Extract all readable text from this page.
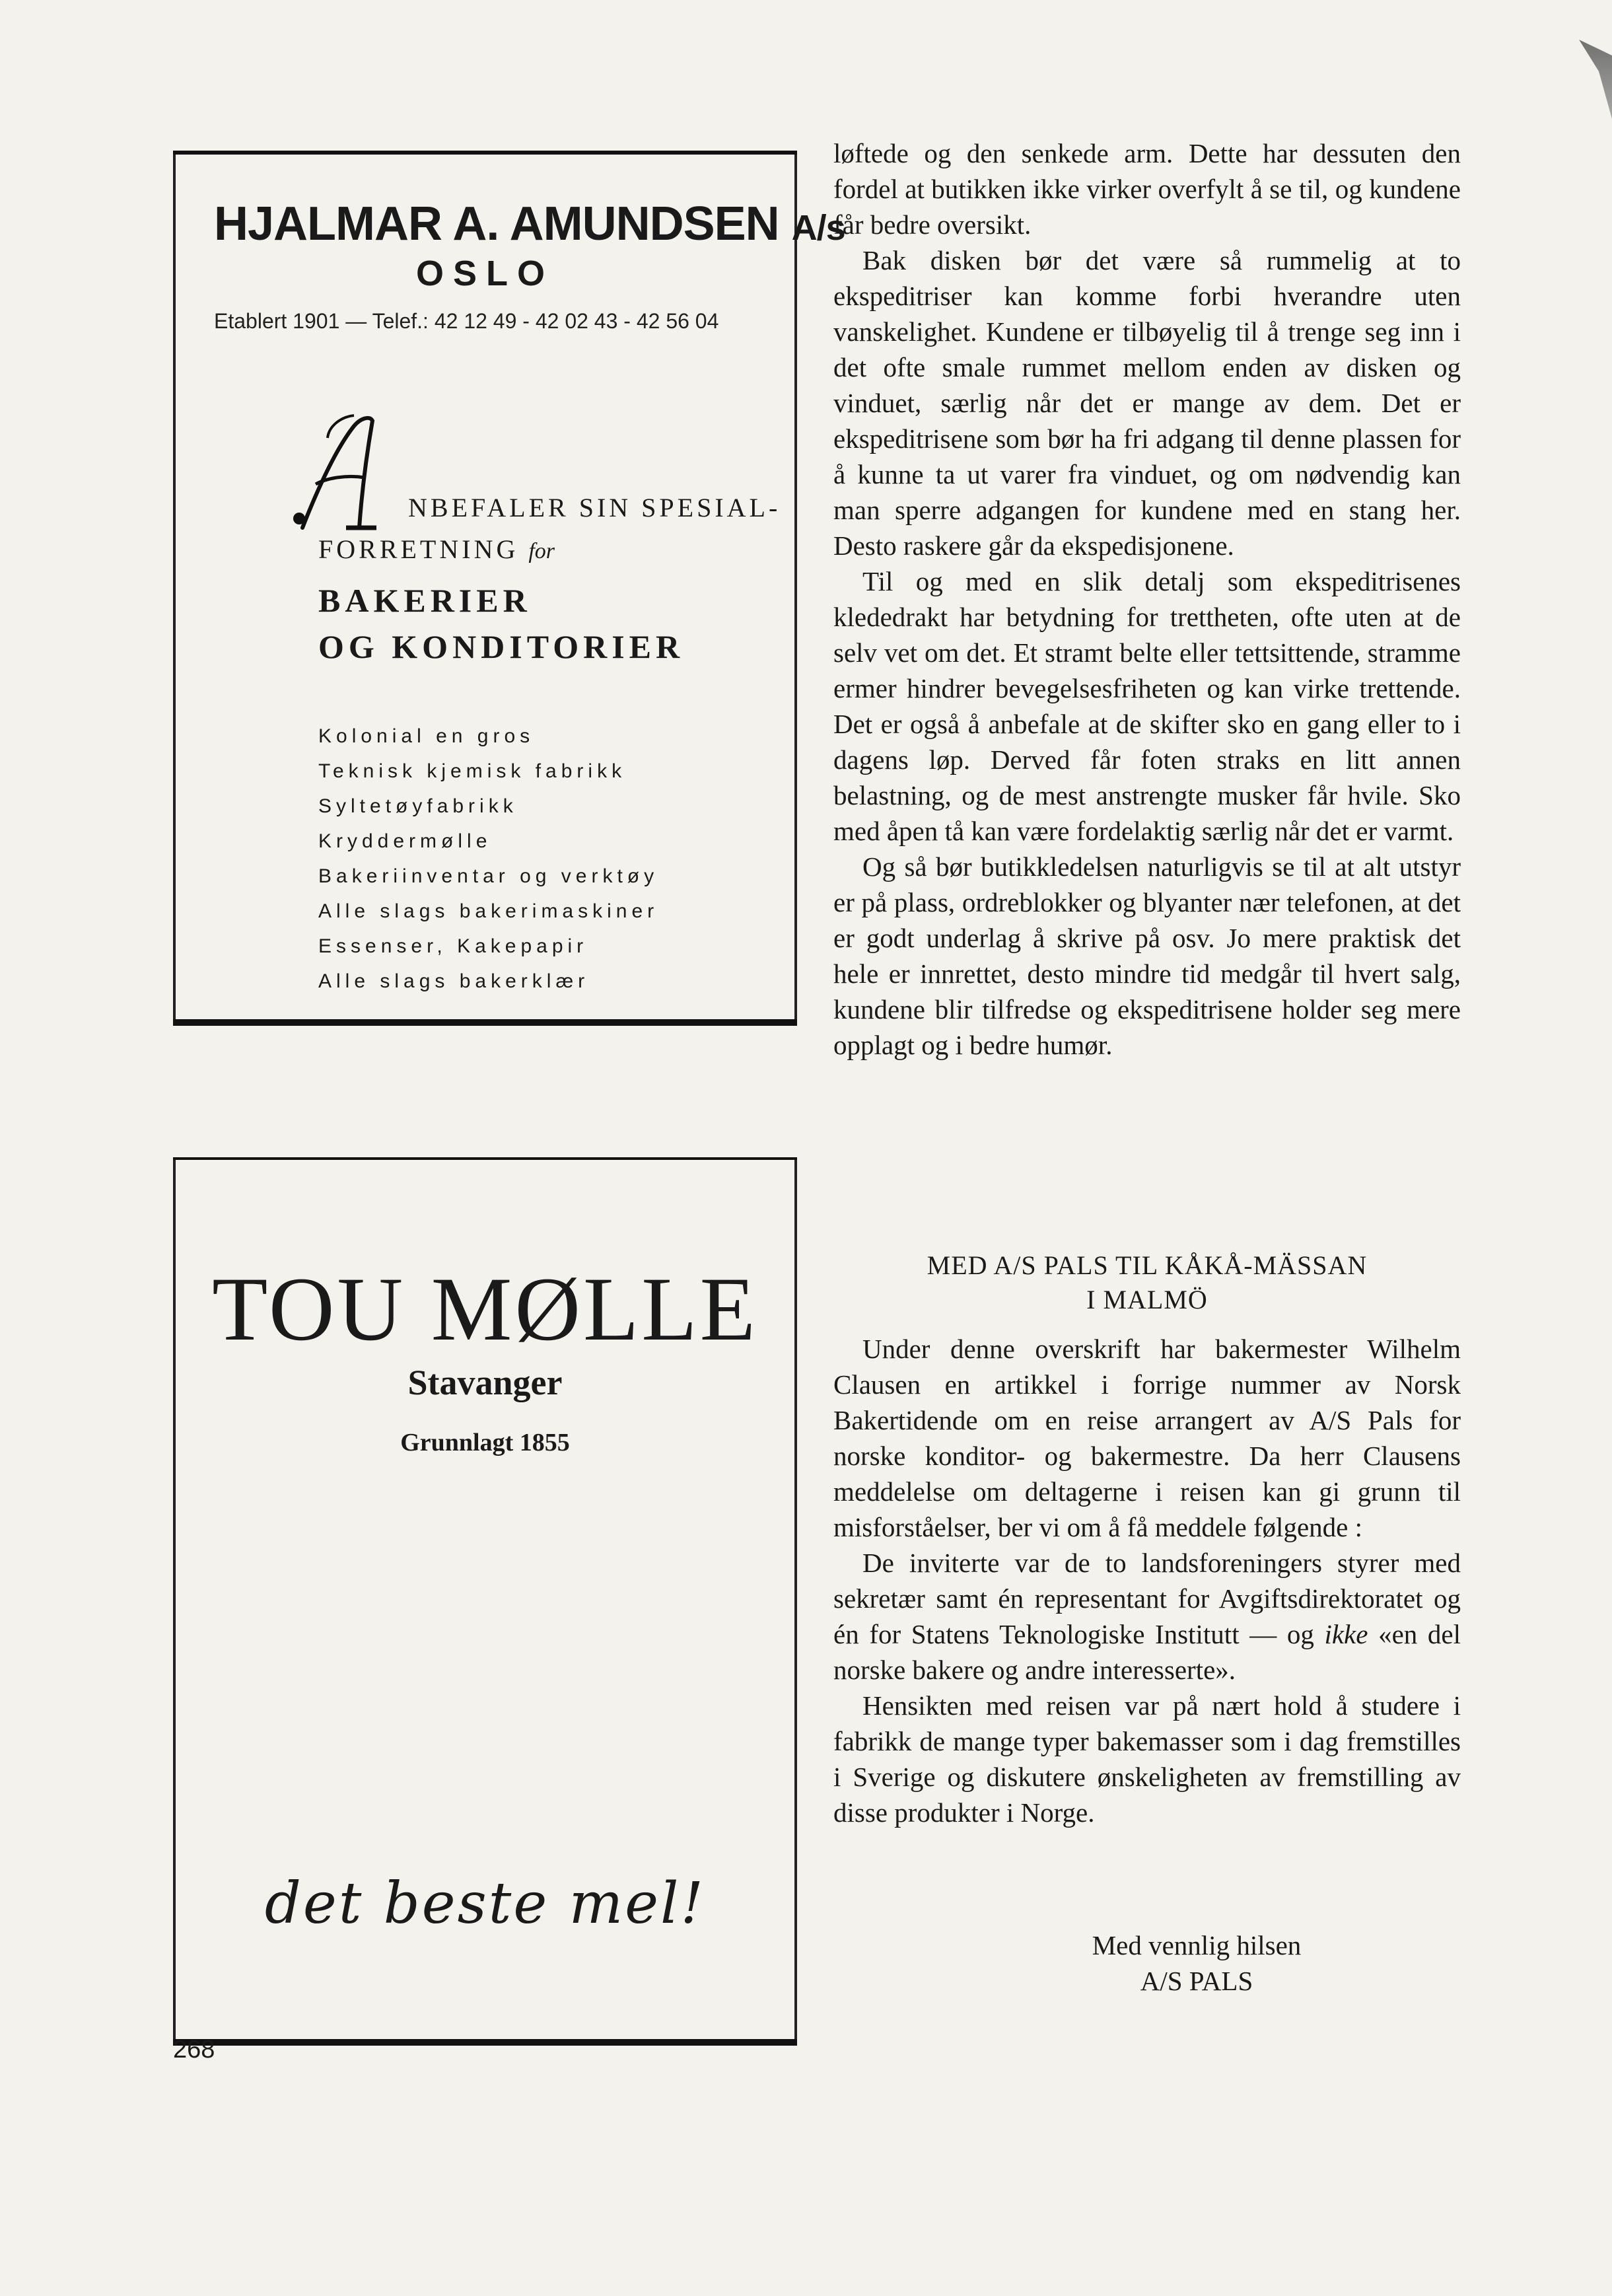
HJALMAR A. AMUNDSEN A/s
OSLO
Etablert 1901 — Telef.: 42 12 49 - 42 02 43 - 42 56 04
NBEFALER SIN SPESIAL-
FORRETNING for
BAKERIER
OG KONDITORIER
Kolonial en gros
Teknisk kjemisk fabrikk
Syltetøyfabrikk
Kryddermølle
Bakeriinventar og verktøy
Alle slags bakerimaskiner
Essenser, Kakepapir
Alle slags bakerklær
TOU MØLLE
Stavanger
Grunnlagt 1855
det beste mel!

løftede og den senkede arm. Dette har dessuten den fordel at butikken ikke virker overfylt å se til, og kundene får bedre oversikt.

Bak disken bør det være så rummelig at to ekspeditriser kan komme forbi hverandre uten vanskelighet. Kundene er tilbøyelig til å trenge seg inn i det ofte smale rummet mellom enden av disken og vinduet, særlig når det er mange av dem. Det er ekspeditrisene som bør ha fri adgang til denne plassen for å kunne ta ut varer fra vinduet, og om nødvendig kan man sperre adgangen for kundene med en stang her. Desto raskere går da ekspedisjonene.

Til og med en slik detalj som ekspeditrisenes klededrakt har betydning for trettheten, ofte uten at de selv vet om det. Et stramt belte eller tettsittende, stramme ermer hindrer bevegelsesfriheten og kan virke trettende. Det er også å anbefale at de skifter sko en gang eller to i dagens løp. Derved får foten straks en litt annen belastning, og de mest anstrengte musker får hvile. Sko med åpen tå kan være fordelaktig særlig når det er varmt.

Og så bør butikkledelsen naturligvis se til at alt utstyr er på plass, ordreblokker og blyanter nær telefonen, at det er godt underlag å skrive på osv. Jo mere praktisk det hele er innrettet, desto mindre tid medgår til hvert salg, kundene blir tilfredse og ekspeditrisene holder seg mere opplagt og i bedre humør.

MED A/S PALS TIL KÅKÅ-MÄSSAN
I MALMÖ

Under denne overskrift har bakermester Wilhelm Clausen en artikkel i forrige nummer av Norsk Bakertidende om en reise arrangert av A/S Pals for norske konditor- og bakermestre. Da herr Clausens meddelelse om deltagerne i reisen kan gi grunn til misforståelser, ber vi om å få meddele følgende :

De inviterte var de to landsforeningers styrer med sekretær samt én representant for Avgiftsdirektoratet og én for Statens Teknologiske Institutt — og ikke «en del norske bakere og andre interesserte».

Hensikten med reisen var på nært hold å studere i fabrikk de mange typer bakemasser som i dag fremstilles i Sverige og diskutere ønskeligheten av fremstilling av disse produkter i Norge.

Med vennlig hilsen
A/S PALS
268
